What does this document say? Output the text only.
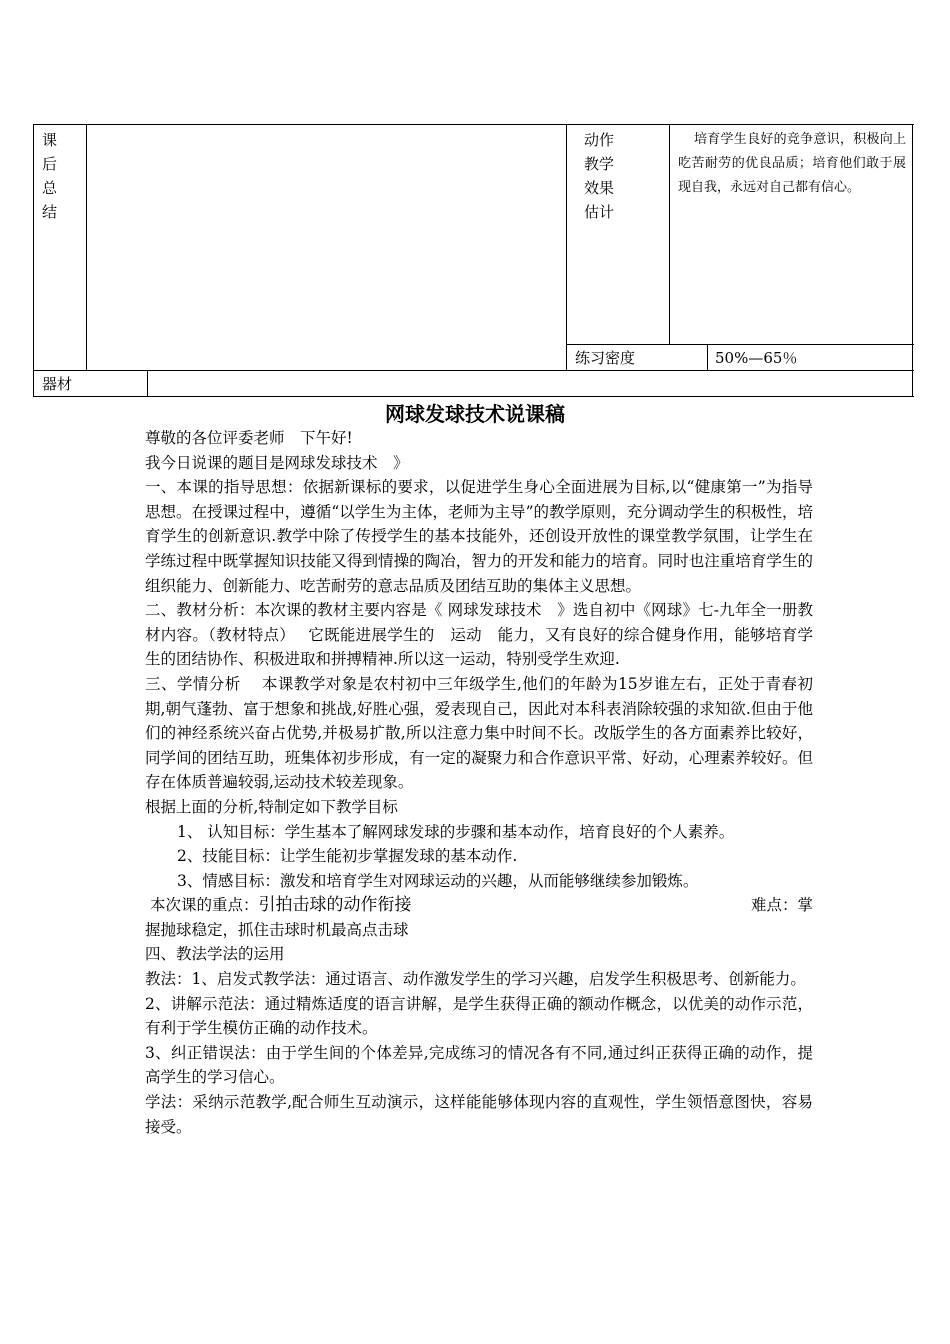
课
后
总
结
动作
教学
效果
估计
培育学生良好的竞争意识，积极向上吃苦耐劳的优良品质；培育他们敢于展现自我，永远对自己都有信心。
练习密度	50%—65％
器材
网球发球技术说课稿

尊敬的各位评委老师　下午好!

我今日说课的题目是网球发球技术　》

一、本课的指导思想：依据新课标的要求，以促进学生身心全面进展为目标,以“健康第一”为指导思想。在授课过程中，遵循“以学生为主体，老师为主导”的教学原则，充分调动学生的积极性，培育学生的创新意识.教学中除了传授学生的基本技能外，还创设开放性的课堂教学氛围，让学生在学练过程中既掌握知识技能又得到情操的陶冶，智力的开发和能力的培育。同时也注重培育学生的组织能力、创新能力、吃苦耐劳的意志品质及团结互助的集体主义思想。

二、教材分析：本次课的教材主要内容是《 网球发球技术　》选自初中《网球》七-九年全一册教材内容。（教材特点）　 它既能进展学生的　运动　能力，又有良好的综合健身作用，能够培育学生的团结协作、积极进取和拼搏精神.所以这一运动，特别受学生欢迎.

三、学情分析　 本课教学对象是农村初中三年级学生,他们的年龄为15岁谁左右，正处于青春初期,朝气蓬勃、富于想象和挑战,好胜心强，爱表现自己，因此对本科表消除较强的求知欲.但由于他们的神经系统兴奋占优势,并极易扩散,所以注意力集中时间不长。改版学生的各方面素养比较好，同学间的团结互助，班集体初步形成，有一定的凝聚力和合作意识平常、好动，心理素养较好。但存在体质普遍较弱,运动技术较差现象。

根据上面的分析,特制定如下教学目标

1、 认知目标：学生基本了解网球发球的步骤和基本动作，培育良好的个人素养。

2、技能目标：让学生能初步掌握发球的基本动作.

3、情感目标：激发和培育学生对网球运动的兴趣，从而能够继续参加锻炼。

本次课的重点：引拍击球的动作衔接	难点：掌

握抛球稳定，抓住击球时机最高点击球

四、教法学法的运用

教法：1、启发式教学法：通过语言、动作激发学生的学习兴趣，启发学生积极思考、创新能力。

2、讲解示范法：通过精炼适度的语言讲解，是学生获得正确的额动作概念，以优美的动作示范，有利于学生模仿正确的动作技术。

3、纠正错误法：由于学生间的个体差异,完成练习的情况各有不同,通过纠正获得正确的动作，提高学生的学习信心。

学法：采纳示范教学,配合师生互动演示，这样能能够体现内容的直观性，学生领悟意图快，容易接受。
